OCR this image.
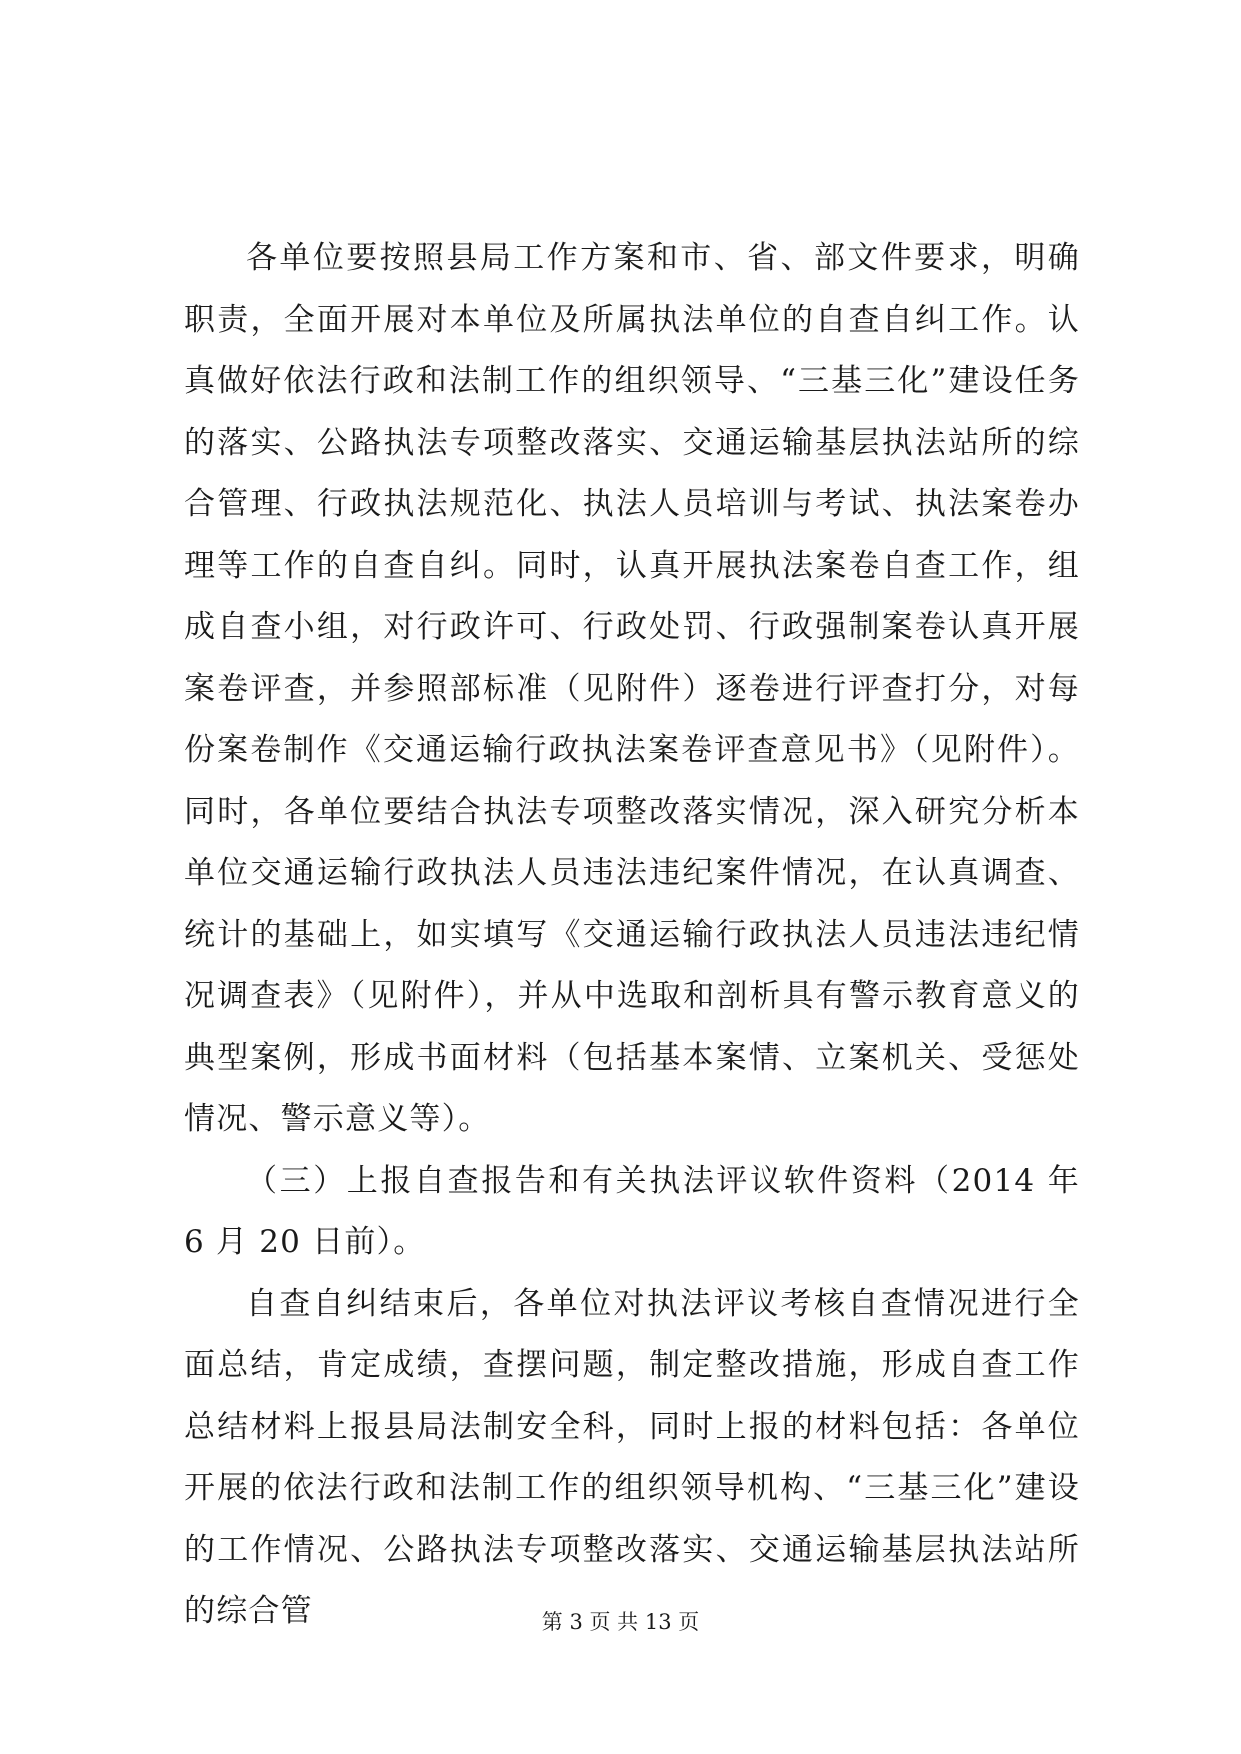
各单位要按照县局工作方案和市、省、部文件要求，明确职责，全面开展对本单位及所属执法单位的自查自纠工作。认真做好依法行政和法制工作的组织领导、“三基三化”建设任务的落实、公路执法专项整改落实、交通运输基层执法站所的综合管理、行政执法规范化、执法人员培训与考试、执法案卷办理等工作的自查自纠。同时，认真开展执法案卷自查工作，组成自查小组，对行政许可、行政处罚、行政强制案卷认真开展案卷评查，并参照部标准（见附件）逐卷进行评查打分，对每份案卷制作《交通运输行政执法案卷评查意见书》（见附件）。同时，各单位要结合执法专项整改落实情况，深入研究分析本单位交通运输行政执法人员违法违纪案件情况，在认真调查、统计的基础上，如实填写《交通运输行政执法人员违法违纪情况调查表》（见附件），并从中选取和剖析具有警示教育意义的典型案例，形成书面材料（包括基本案情、立案机关、受惩处情况、警示意义等）。

（三）上报自查报告和有关执法评议软件资料（2014 年 6 月 20 日前）。

自查自纠结束后，各单位对执法评议考核自查情况进行全面总结，肯定成绩，查摆问题，制定整改措施，形成自查工作总结材料上报县局法制安全科，同时上报的材料包括：各单位开展的依法行政和法制工作的组织领导机构、“三基三化”建设的工作情况、公路执法专项整改落实、交通运输基层执法站所的综合管	第 3 页 共 13 页
